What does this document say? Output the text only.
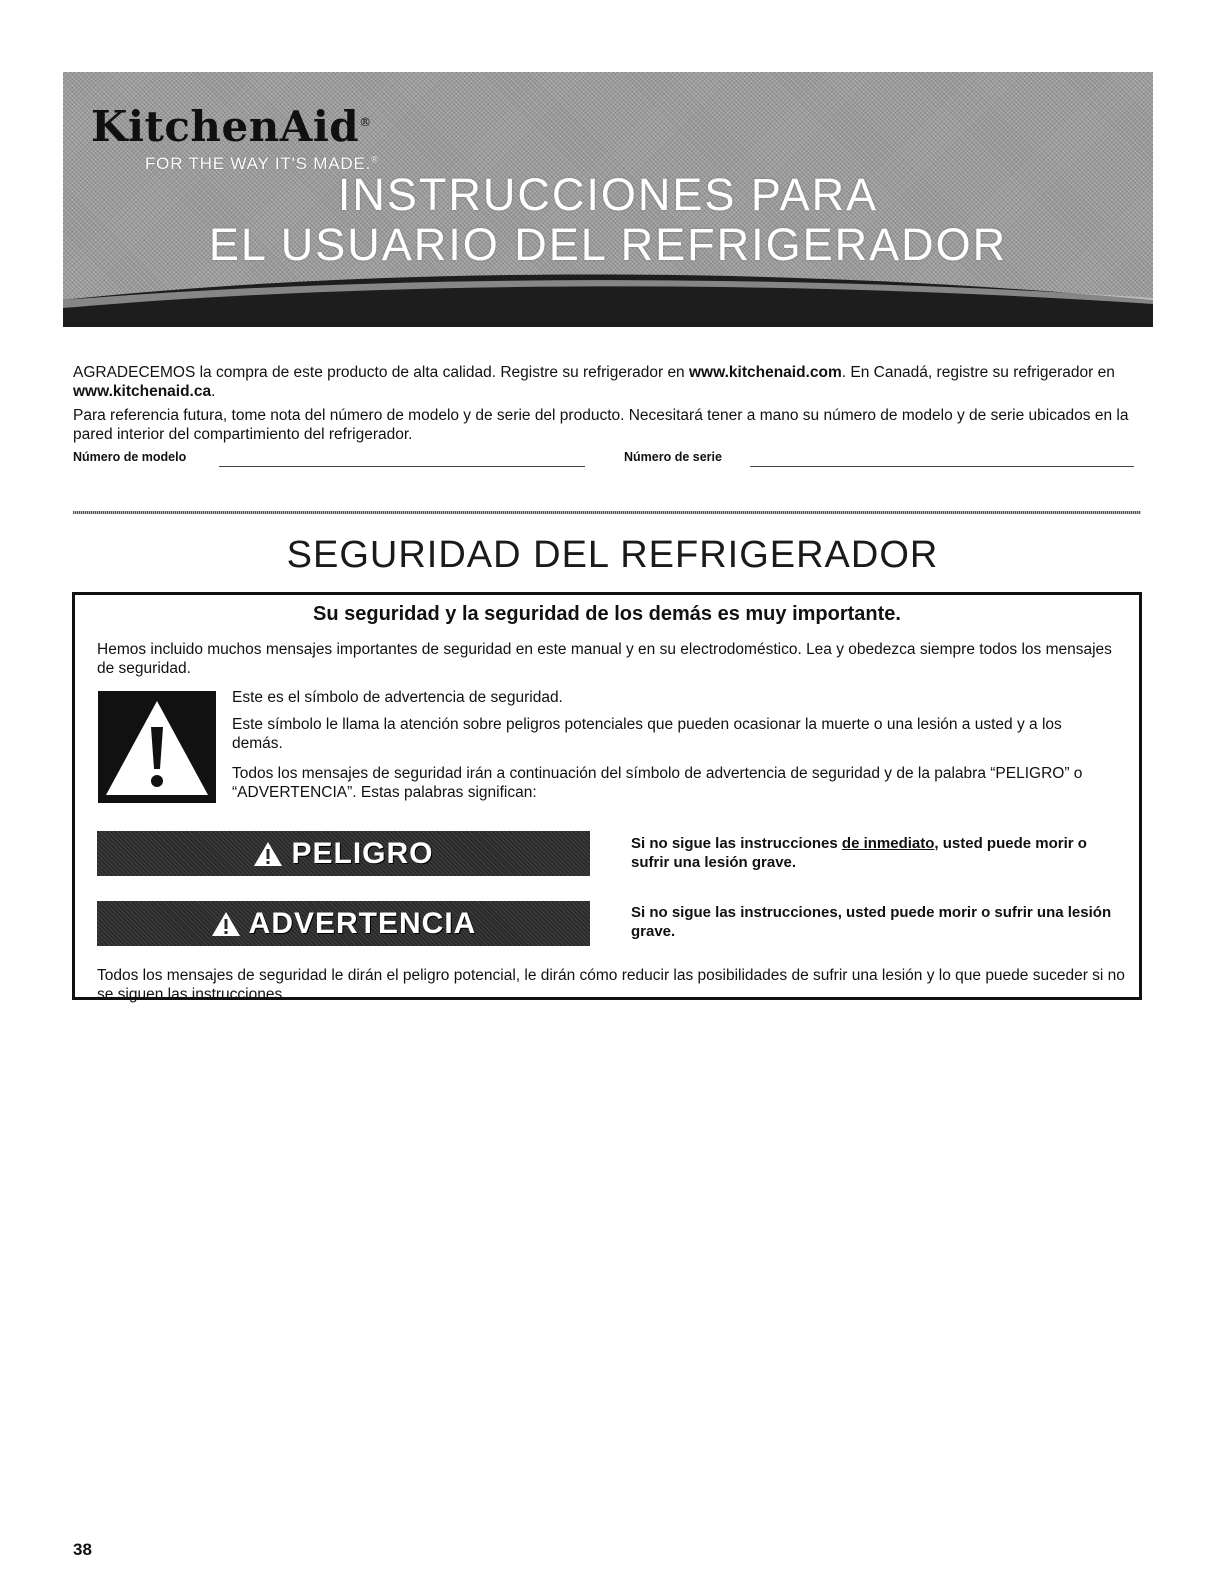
KitchenAid®
FOR THE WAY IT'S MADE.®
INSTRUCCIONES PARA
EL USUARIO DEL REFRIGERADOR

AGRADECEMOS la compra de este producto de alta calidad. Registre su refrigerador en www.kitchenaid.com. En Canadá, registre su refrigerador en www.kitchenaid.ca.

Para referencia futura, tome nota del número de modelo y de serie del producto. Necesitará tener a mano su número de modelo y de serie ubicados en la pared interior del compartimiento del refrigerador.

Número de modelo	Número de serie
SEGURIDAD DEL REFRIGERADOR
Su seguridad y la seguridad de los demás es muy importante.

Hemos incluido muchos mensajes importantes de seguridad en este manual y en su electrodoméstico. Lea y obedezca siempre todos los mensajes de seguridad.

Este es el símbolo de advertencia de seguridad.

Este símbolo le llama la atención sobre peligros potenciales que pueden ocasionar la muerte o una lesión a usted y a los demás.

Todos los mensajes de seguridad irán a continuación del símbolo de advertencia de seguridad y de la palabra “PELIGRO” o “ADVERTENCIA”. Estas palabras significan:

PELIGRO	Si no sigue las instrucciones de inmediato, usted puede morir o sufrir una lesión grave.

ADVERTENCIA	Si no sigue las instrucciones, usted puede morir o sufrir una lesión grave.

Todos los mensajes de seguridad le dirán el peligro potencial, le dirán cómo reducir las posibilidades de sufrir una lesión y lo que puede suceder si no se siguen las instrucciones.

38
